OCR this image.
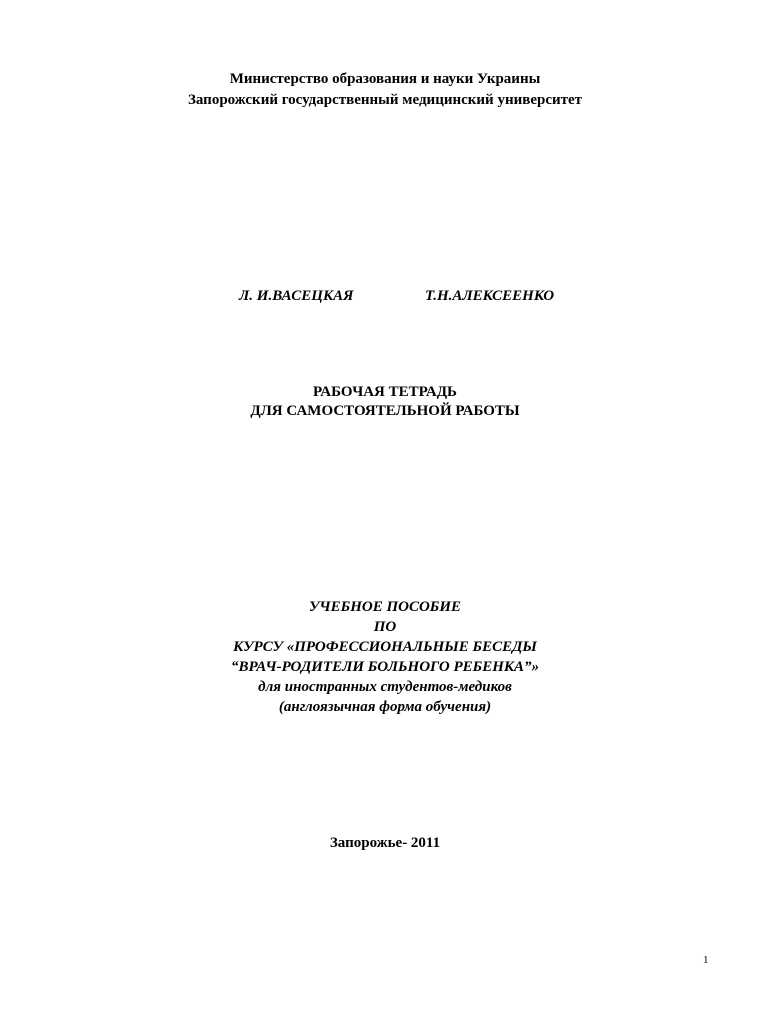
Министерство образования и науки Украины
Запорожский государственный медицинский университет
Л. И.ВАСЕЦКАЯ	Т.Н.АЛЕКСЕЕНКО
РАБОЧАЯ ТЕТРАДЬ
ДЛЯ САМОСТОЯТЕЛЬНОЙ РАБОТЫ
УЧЕБНОЕ ПОСОБИЕ
ПО
КУРСУ «ПРОФЕССИОНАЛЬНЫЕ БЕСЕДЫ
“ВРАЧ-РОДИТЕЛИ БОЛЬНОГО РЕБЕНКА”»
для иностранных студентов-медиков
(англоязычная форма обучения)
Запорожье- 2011
1
